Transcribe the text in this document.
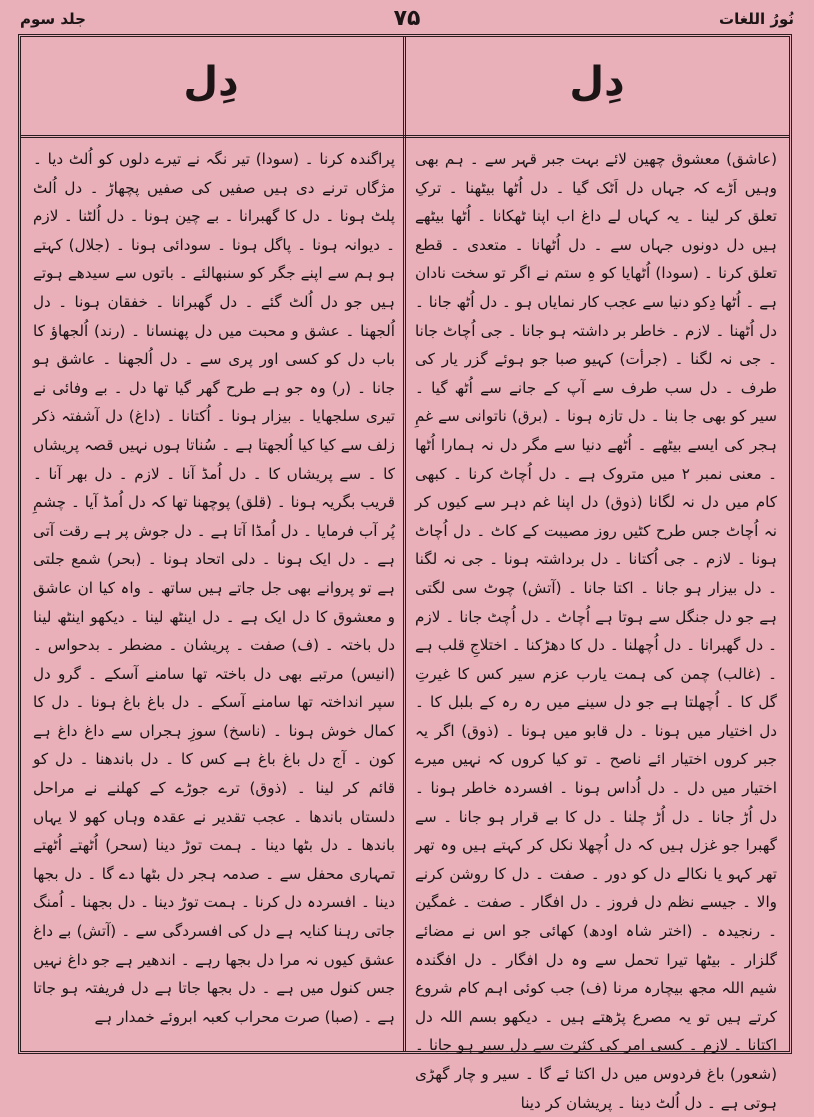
نُورُ اللغات
۷۵
جلد سوم
دِل
دِل

(عاشق) معشوق چھین لائے بہت جبر قہر سے ۔ ہم بھی وہیں اَڑے کہ جہاں دل اَٹک گیا ۔ دل اُٹھا بیٹھنا ۔ ترکِ تعلق کر لینا ۔ یہ کہاں لے داغ اب اپنا ٹھکانا ۔ اُٹھا بیٹھے ہیں دل دونوں جہاں سے ۔ دل اُٹھانا ۔ متعدی ۔ قطع تعلق کرنا ۔ (سودا) اُٹھایا کو ہِ ستم نے اگر تو سخت نادان ہے ۔ اُٹھا دِکو دنیا سے عجب کار نمایاں ہو ۔ دل اُٹھ جانا ۔ دل اُٹھنا ۔ لازم ۔ خاطر بر داشتہ ہو جانا ۔ جی اُچاٹ جانا ۔ جی نہ لگنا ۔ (جرأت) کہیو صبا جو ہوئے گزر یار کی طرف ۔ دل سب طرف سے آپ کے جانے سے اُٹھ گیا ۔ سیر کو بھی جا بنا ۔ دل تازہ ہونا ۔ (برق) ناتوانی سے غمِ ہجر کی ایسے بیٹھے ۔ اُٹھے دنیا سے مگر دل نہ ہمارا اُٹھا ۔ معنی نمبر ۲ میں متروک ہے ۔ دل اُچاٹ کرنا ۔ کبھی کام میں دل نہ لگانا (ذوق) دل اپنا غم دہر سے کیوں کر نہ اُچاٹ جس طرح کٹیں روز مصیبت کے کاٹ ۔ دل اُچاٹ ہونا ۔ لازم ۔ جی اُکتانا ۔ دل برداشتہ ہونا ۔ جی نہ لگنا ۔ دل بیزار ہو جانا ۔ اکتا جانا ۔ (آتش) چوٹ سی لگتی ہے جو دل جنگل سے ہوتا ہے اُچاٹ ۔ دل اُچٹ جانا ۔ لازم ۔ دل گھبرانا ۔ دل اُچھلنا ۔ دل کا دھڑکنا ۔ اختلاجِ قلب ہے ۔ (غالب) چمن کی ہمت یارب عزم سیر کس کا غیرتِ گل کا ۔ اُچھلتا ہے جو دل سینے میں رہ رہ کے بلبل کا ۔ دل اختیار میں ہونا ۔ دل قابو میں ہونا ۔ (ذوق) اگر یہ جبر کروں اختیار ائے ناصح ۔ تو کیا کروں کہ نہیں میرے اختیار میں دل ۔ دل اُداس ہونا ۔ افسردہ خاطر ہونا ۔ دل اُڑ جانا ۔ دل اُڑ چلنا ۔ دل کا بے قرار ہو جانا ۔ سے گھبرا جو غزل ہیں کہ دل اُچھلا نکل کر کہتے ہیں وہ تھر تھر کہو یا نکالے دل کو دور ۔ صفت ۔ دل کا روشن کرنے والا ۔ جیسے نظم دل فروز ۔ دل افگار ۔ صفت ۔ غمگین ۔ رنجیدہ ۔ (اختر شاہ اودھ) کھائی جو اس نے مضائے گلزار ۔ بیٹھا تیرا تحمل سے وہ دل افگار ۔ دل افگندہ شیم اللہ مجھ بیچارہ مرنا (ف) جب کوئی اہم کام شروع کرتے ہیں تو یہ مصرع پڑھتے ہیں ۔ دیکھو بسم اللہ دل اکتانا ۔ لازم ۔ کسی امر کی کثرت سے دل سیر ہو جانا ۔ (شعور) باغ فردوس میں دل اکتا ئے گا ۔ سیر و چار گھڑی ہوتی ہے ۔ دل اُلٹ دینا ۔ پریشان کر دینا

پراگندہ کرنا ۔ (سودا) تیر نگہ نے تیرے دلوں کو اُلٹ دیا ۔ مژگاں ترنے دی ہیں صفیں کی صفیں پچھاڑ ۔ دل اُلٹ پلٹ ہونا ۔ دل کا گھبرانا ۔ بے چین ہونا ۔ دل اُلٹنا ۔ لازم ۔ دیوانہ ہونا ۔ پاگل ہونا ۔ سودائی ہونا ۔ (جلال) کہتے ہو ہم سے اپنے جگر کو سنبھالئے ۔ باتوں سے سیدھے ہوتے ہیں جو دل اُلٹ گئے ۔ دل گھبرانا ۔ خفقان ہونا ۔ دل اُلجھنا ۔ عشق و محبت میں دل پھنسانا ۔ (رند) اُلجھاؤ کا باب دل کو کسی اور پری سے ۔ دل اُلجھنا ۔ عاشق ہو جانا ۔ (ر) وہ جو ہے طرح گھر گیا تھا دل ۔ بے وفائی نے تیری سلجھایا ۔ بیزار ہونا ۔ اُکتانا ۔ (داغ) دل آشفتہ ذکر زلف سے کیا کیا اُلجھتا ہے ۔ سُناتا ہوں نہیں قصہ پریشاں کا ۔ سے پریشاں کا ۔ دل اُمڈ آنا ۔ لازم ۔ دل بھر آنا ۔ قریب بگریہ ہونا ۔ (قلق) پوچھنا تھا کہ دل اُمڈ آیا ۔ چشمِ پُر آب فرمایا ۔ دل اُمڈا آتا ہے ۔ دل جوش پر ہے رقت آتی ہے ۔ دل ایک ہونا ۔ دلی اتحاد ہونا ۔ (بحر) شمع جلتی ہے تو پروانے بھی جل جاتے ہیں ساتھ ۔ واہ کیا ان عاشق و معشوق کا دل ایک ہے ۔ دل اینٹھ لینا ۔ دیکھو اینٹھ لینا دل باختہ ۔ (ف) صفت ۔ پریشان ۔ مضطر ۔ بدحواس ۔ (انیس) مرتبے بھی دل باختہ تھا سامنے آسکے ۔ گرو دل سپر انداختہ تھا سامنے آسکے ۔ دل باغ باغ ہونا ۔ دل کا کمال خوش ہونا ۔ (ناسخ) سوزِ ہجراں سے داغ داغ ہے کون ۔ آج دل باغ باغ ہے کس کا ۔ دل باندھنا ۔ دل کو قائم کر لینا ۔ (ذوق) ترے جوڑے کے کھلنے نے مراحل دلستاں باندھا ۔ عجب تقدیر نے عقدہ وہاں کھو لا یہاں باندھا ۔ دل بٹھا دینا ۔ ہمت توڑ دینا (سحر) اُٹھتے اُٹھتے تمہاری محفل سے ۔ صدمہ ہجر دل بٹھا دے گا ۔ دل بجھا دینا ۔ افسردہ دل کرنا ۔ ہمت توڑ دینا ۔ دل بجھنا ۔ اُمنگ جاتی رہنا کنایہ ہے دل کی افسردگی سے ۔ (آتش) بے داغ عشق کیوں نہ مرا دل بجھا رہے ۔ اندھیر ہے جو داغ نہیں جس کنول میں ہے ۔ دل بجھا جاتا ہے دل فریفتہ ہو جاتا ہے ۔ (صبا) صرت محراب کعبہ ابروئے خمدار ہے
